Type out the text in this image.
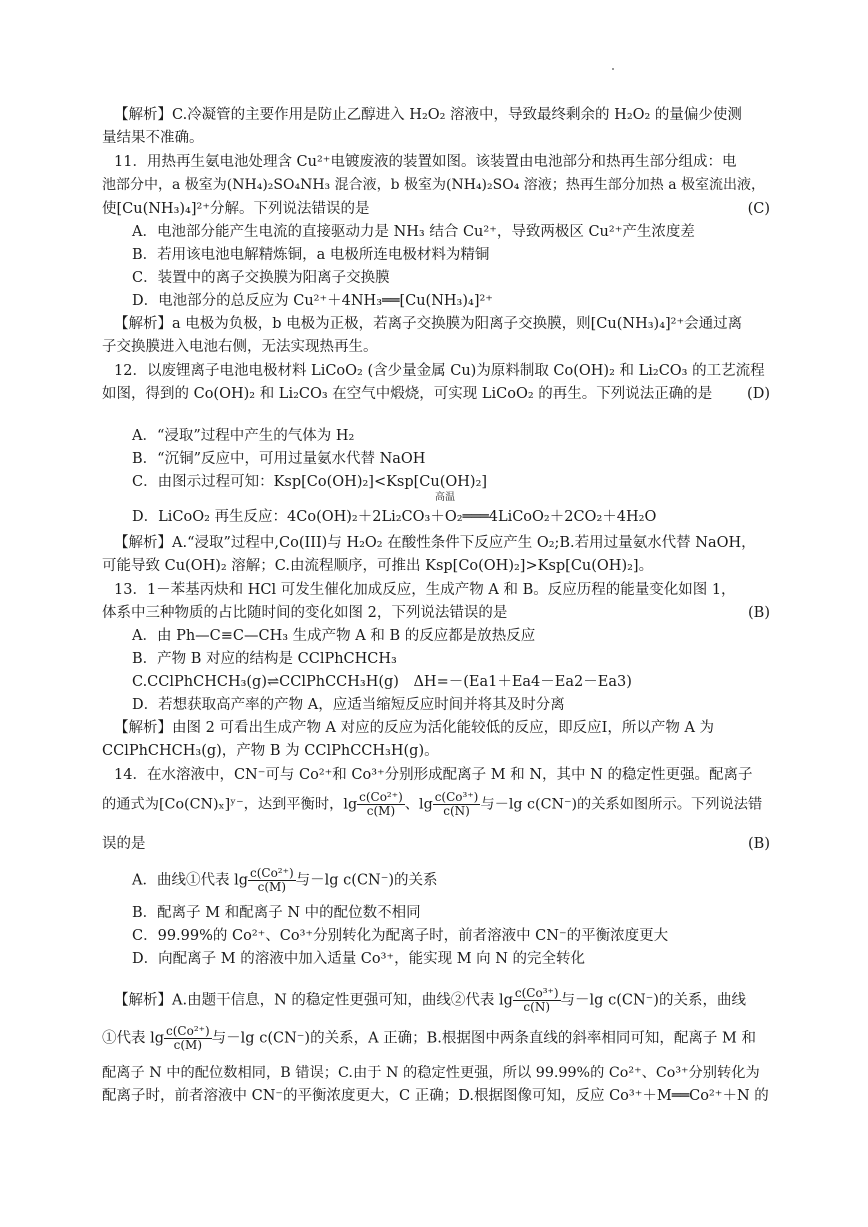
【解析】C.冷凝管的主要作用是防止乙醇进入 H₂O₂ 溶液中，导致最终剩余的 H₂O₂ 的量偏少使测
量结果不准确。
11．用热再生氨电池处理含 Cu²⁺电镀废液的装置如图。该装置由电池部分和热再生部分组成：电
池部分中，a 极室为(NH₄)₂SO₄NH₃ 混合液，b 极室为(NH₄)₂SO₄ 溶液；热再生部分加热 a 极室流出液，
使[Cu(NH₃)₄]²⁺分解。下列说法错误的是	(C)
A．电池部分能产生电流的直接驱动力是 NH₃ 结合 Cu²⁺，导致两极区 Cu²⁺产生浓度差
B．若用该电池电解精炼铜，a 电极所连电极材料为精铜
C．装置中的离子交换膜为阳离子交换膜
D．电池部分的总反应为 Cu²⁺＋4NH₃══[Cu(NH₃)₄]²⁺
【解析】a 电极为负极，b 电极为正极，若离子交换膜为阳离子交换膜，则[Cu(NH₃)₄]²⁺会通过离
子交换膜进入电池右侧，无法实现热再生。
12．以废锂离子电池电极材料 LiCoO₂ (含少量金属 Cu)为原料制取 Co(OH)₂ 和 Li₂CO₃ 的工艺流程
如图，得到的 Co(OH)₂ 和 Li₂CO₃ 在空气中煅烧，可实现 LiCoO₂ 的再生。下列说法正确的是 (D)
A．“浸取”过程中产生的气体为 H₂
B．“沉铜”反应中，可用过量氨水代替 NaOH
C．由图示过程可知：Ksp[Co(OH)₂]<Ksp[Cu(OH)₂]
高温
D．LiCoO₂ 再生反应：4Co(OH)₂＋2Li₂CO₃＋O₂═══4LiCoO₂＋2CO₂＋4H₂O
【解析】A.“浸取”过程中,Co(III)与 H₂O₂ 在酸性条件下反应产生 O₂;B.若用过量氨水代替 NaOH，
可能导致 Cu(OH)₂ 溶解；C.由流程顺序，可推出 Ksp[Co(OH)₂]>Ksp[Cu(OH)₂]。
13．1－苯基丙炔和 HCl 可发生催化加成反应，生成产物 A 和 B。反应历程的能量变化如图 1，
体系中三种物质的占比随时间的变化如图 2，下列说法错误的是	(B)
A．由 Ph—C≡C—CH₃ 生成产物 A 和 B 的反应都是放热反应
B．产物 B 对应的结构是 CClPhCHCH₃
C.CClPhCHCH₃(g)⇌CClPhCCH₃H(g)　ΔH=－(Ea1＋Ea4－Ea2－Ea3)
D．若想获取高产率的产物 A，应适当缩短反应时间并将其及时分离
【解析】由图 2 可看出生成产物 A 对应的反应为活化能较低的反应，即反应Ⅰ，所以产物 A 为
CClPhCHCH₃(g)，产物 B 为 CClPhCCH₃H(g)。
14．在水溶液中，CN⁻可与 Co²⁺和 Co³⁺分别形成配离子 M 和 N，其中 N 的稳定性更强。配离子
的通式为[Co(CN)ₓ]ʸ⁻，达到平衡时，$\lg \frac{\text{c(Co²⁺)}}{c(M)}$ 、$\lg \frac{\text{c(Co³⁺)}}{c(N)}$ 与－lg c(CN⁻)的关系如图所示。下列说法错
误的是	(B)
A．曲线①代表 $\lg \frac{\text{c(Co²⁺)}}{c(M)}$ 与－lg c(CN⁻)的关系
B．配离子 M 和配离子 N 中的配位数不相同
C．99.99%的 Co²⁺、Co³⁺分别转化为配离子时，前者溶液中 CN⁻的平衡浓度更大
D．向配离子 M 的溶液中加入适量 Co³⁺，能实现 M 向 N 的完全转化
【解析】A.由题干信息，N 的稳定性更强可知，曲线②代表 $\lg \frac{\text{c(Co³⁺)}}{c(N)}$ 与－lg c(CN⁻)的关系，曲线
①代表 $\lg \frac{\text{c(Co²⁺)}}{c(M)}$ 与－lg c(CN⁻)的关系，A 正确；B.根据图中两条直线的斜率相同可知，配离子 M 和
配离子 N 中的配位数相同，B 错误；C.由于 N 的稳定性更强，所以 99.99%的 Co²⁺、Co³⁺分别转化为
配离子时，前者溶液中 CN⁻的平衡浓度更大，C 正确；D.根据图像可知，反应 Co³⁺＋M══Co²⁺＋N 的
